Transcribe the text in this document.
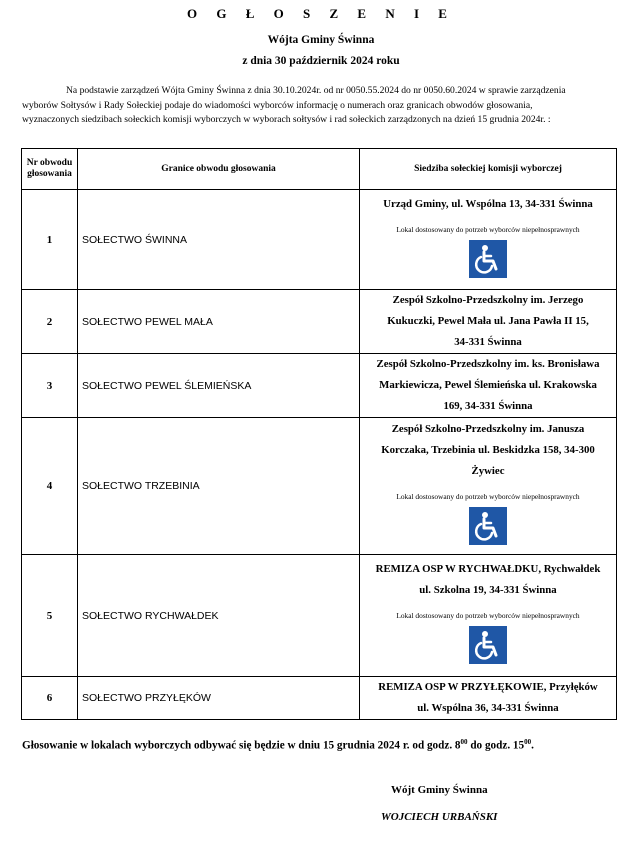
O G Ł O S Z E N I E
Wójta Gminy Świnna
z dnia 30 październik 2024 roku
Na podstawie zarządzeń Wójta Gminy Świnna z dnia 30.10.2024r. od nr 0050.55.2024 do nr 0050.60.2024 w sprawie zarządzenia
wyborów Sołtysów i Rady Sołeckiej podaje do wiadomości wyborców informację o numerach oraz granicach obwodów głosowania,
wyznaczonych siedzibach sołeckich komisji wyborczych w wyborach sołtysów i rad sołeckich zarządzonych na dzień 15 grudnia 2024r. :
Nr obwodu
głosowania	Granice obwodu głosowania	Siedziba sołeckiej komisji wyborczej
1	SOŁECTWO ŚWINNA	Urząd Gminy, ul. Wspólna 13, 34-331 Świnna
Lokal dostosowany do potrzeb wyborców niepełnosprawnych

2	SOŁECTWO PEWEL MAŁA	Zespół Szkolno-Przedszkolny im. Jerzego
Kukuczki, Pewel Mała ul. Jana Pawła II 15,
34-331 Świnna

3	SOŁECTWO PEWEL ŚLEMIEŃSKA	Zespół Szkolno-Przedszkolny im. ks. Bronisława
Markiewicza, Pewel Ślemieńska ul. Krakowska
169, 34-331 Świnna

4	SOŁECTWO TRZEBINIA	Zespół Szkolno-Przedszkolny im. Janusza
Korczaka, Trzebinia ul. Beskidzka 158, 34-300
Żywiec
Lokal dostosowany do potrzeb wyborców niepełnosprawnych

5	SOŁECTWO RYCHWAŁDEK	REMIZA OSP W RYCHWAŁDKU, Rychwałdek
ul. Szkolna 19, 34-331 Świnna
Lokal dostosowany do potrzeb wyborców niepełnosprawnych

6	SOŁECTWO PRZYŁĘKÓW	REMIZA OSP W PRZYŁĘKOWIE, Przyłęków
ul. Wspólna 36, 34-331 Świnna
Głosowanie w lokalach wyborczych odbywać się będzie w dniu 15 grudnia 2024 r. od godz. $8^{00}$ do godz. $15^{00}$.
Wójt Gminy Świnna
WOJCIECH URBAŃSKI
